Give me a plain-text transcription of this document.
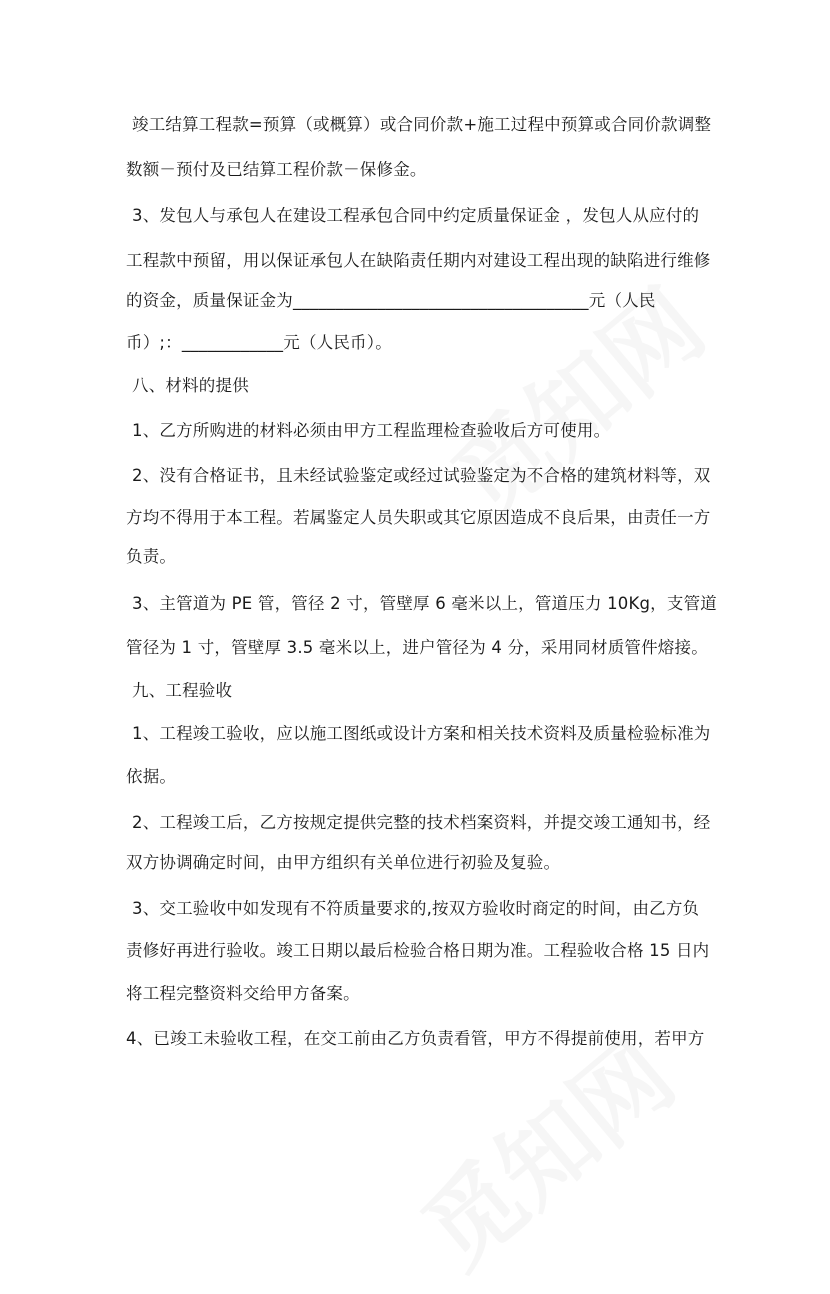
竣工结算工程款=预算（或概算）或合同价款+施工过程中预算或合同价款调整
数额－预付及已结算工程价款－保修金。
3、发包人与承包人在建设工程承包合同中约定质量保证金 ，发包人从应付的
工程款中预留，用以保证承包人在缺陷责任期内对建设工程出现的缺陷进行维修
的资金，质量保证金为___________________________________元（人民
币）;：____________元（人民币）。
八、材料的提供
1、乙方所购进的材料必须由甲方工程监理检查验收后方可使用。
2、没有合格证书，且未经试验鉴定或经过试验鉴定为不合格的建筑材料等，双
方均不得用于本工程。若属鉴定人员失职或其它原因造成不良后果，由责任一方
负责。
3、主管道为 PE 管，管径 2 寸，管壁厚 6 毫米以上，管道压力 10Kg，支管道
管径为 1 寸，管壁厚 3.5 毫米以上，进户管径为 4 分，采用同材质管件熔接。
九、工程验收
1、工程竣工验收，应以施工图纸或设计方案和相关技术资料及质量检验标准为
依据。
2、工程竣工后，乙方按规定提供完整的技术档案资料，并提交竣工通知书，经
双方协调确定时间，由甲方组织有关单位进行初验及复验。
3、交工验收中如发现有不符质量要求的,按双方验收时商定的时间，由乙方负
责修好再进行验收。竣工日期以最后检验合格日期为准。工程验收合格 15 日内
将工程完整资料交给甲方备案。
4、已竣工未验收工程，在交工前由乙方负责看管，甲方不得提前使用，若甲方
